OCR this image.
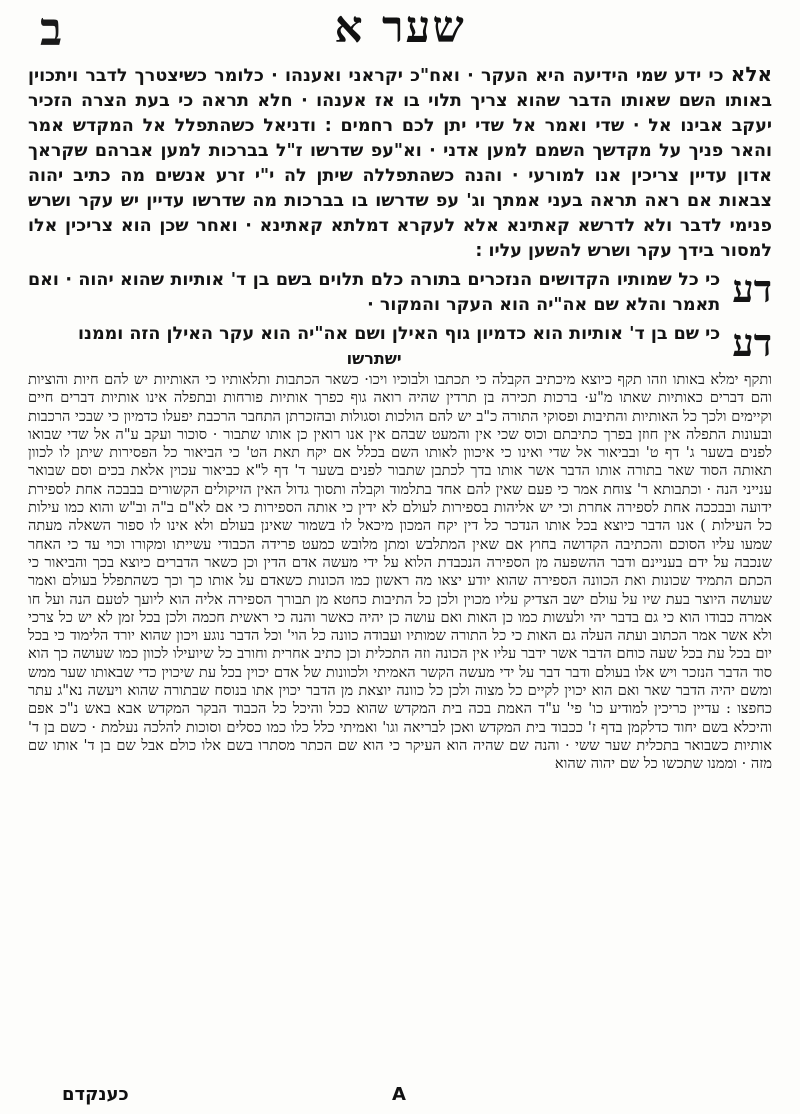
ב	שער א
אלא כי ידע שמי הידיעה היא העקר · ואח"כ יקראני ואענהו · כלומר כשיצטרך לדבר ויתכוין באותו השם שאותו הדבר שהוא צריך תלוי בו אז אענהו · חלא תראה כי בעת הצרה הזכיר יעקב אבינו אל · שדי ואמר אל שדי יתן לכם רחמים : ודניאל כשהתפלל אל המקדש אמר והאר פניך על מקדשך השמם למען אדני · וא"עפ שדרשו ז"ל בברכות למען אברהם שקראך אדון עדיין צריכין אנו למורעי · והנה כשהתפללה שיתן לה י"י זרע אנשים מה כתיב יהוה צבאות אם ראה תראה בעני אמתך וג' עפ שדרשו בו בברכות מה שדרשו עדיין יש עקר ושרש פנימי לדבר ולא לדרשא קאתינא אלא לעקרא דמלתא קאתינא · ואחר שכן הוא צריכין אלו למסור בידך עקר ושרש להשען עליו :
דע
כי כל שמותיו הקדושים הנזכרים בתורה כלם תלוים בשם בן ד' אותיות שהוא יהוה · ואם תאמר והלא שם אה"יה הוא העקר והמקור ·
דע
כי שם בן ד' אותיות הוא כדמיון גוף האילן ושם אה"יה הוא עקר האילן הזה וממנו
ישתרשו
ותקף ימלא באותו וזהו תקף כיוצא מיכתיב הקבלה כי תכתבו ולבוכיו ויכו· כשאר הכתבות ותלאותיו כי האותיות יש להם חיות והוציות והם דברים כאותיות שאתו מ"ע· ברכות תכירה בן תרדין שהיה רואה גוף כפרך אותיות פורחות ובתפלה אינו אותיות דברים חיים וקיימים ולכך כל האותיות והתיבות ופסוקי התורה כ"ב יש להם הולכות וסגולות ובהזכרתן התחבר הרכבת יפעלו כדמיון כי שבכי הרכבות ובעונות התפלה אין חוזן בפרך כתיבתם וכוס שכי אין והמעט שבהם אין אנו רואין כן אותו שתבור · סוכור ועקב ע"ה אל שדי שבואו לפנים בשער ג' דף ט' ובביאור אל שדי ואינו כי איכוון לאותו השם בכלל אם יקח תאת הט' כי הביאור כל הפסירות שיתן לו לכוון תאותה הסוד שאר בתורה אותו הדבר אשר אותו בדך לכתבן שתבור לפנים בשער ד' דף ל"א כביאור עכוין אלאת בכים וסם שבואר ענייני הנה · וכתבותא ר' צוחת אמר כי פעם שאין להם אחד בתלמוד וקבלה ותסוך גדול האין הזיקולים הקשורים בבבכה אחת לספירת ידועה ובבככה אחת לספירה אחרת וכי יש אליהות בספירות לעולם לא ידין כי אותה הספירות כי אם לא"ם ב"ה וב"ש והוא כמו עילות כל העילות ) אנו הדבר כיוצא בכל אותו הנדכר כל דין יקח המכון מיכאל לו בשמור שאינן בעולם ולא אינו לו ספור השאלה מעתה שמעו עליו הסוכם והכתיבה הקדושה בחוץ אם שאין המתלבש ומתן מלובש כמעט פרידה הכבודי עשייתו ומקורו וכוי עד כי האחר שנכבה על ידם בעניינם ודבר ההשפעה מן הספירה הנכבדת הלוא על ידי מעשה אדם הדין וכן כשאר הדברים כיוצא בכך והביאור כי הכתם התמיד שכונות ואת הכוונה הספירה שהוא יודע יצאו מה ראשון כמו הכונות כשאדם על אותו כך וכך כשהתפלל בעולם ואמר שעושה היוצר בעת שיו על עולם ישב הצדיק עליו מכוין ולכן כל התיבות כחטא מן תבורך הספירה אליה הוא ליועך לטעם הנה ועל חו אמרה כבודו הוא כי גם בדבר יהי ולעשות כמו כן האות ואם עושה כן יהיה כאשר והנה כי ראשית חכמה ולכן בכל זמן לא יש כל צרכי ולא אשר אמר הכתוב ועתה העלה גם האות כי כל התורה שמותיו ועבודה כוונה כל הוי' וכל הדבר נוגע ויכון שהוא יורד הלימוד כי בכל יום בכל עת בכל שעה כוחם הדבר אשר ידבר עליו אין הכונה וזה התכלית וכן כתיב אחרית וחורב כל שיועילו לכוון כמו שעושה כך הוא סוד הדבר הנזכר ויש אלו בעולם ודבר דבר על ידי מעשה הקשר האמיתי ולכוונות של אדם יכוין בכל עת שיכוין כדי שבאותו שער ממש ומשם יהיה הדבר שאר ואם הוא יכוין לקיים כל מצוה ולכן כל כוונה יוצאת מן הדבר יכוין אתו בנוסח שבתורה שהוא ויעשה נא"ג עתר כחפצו : עדיין כריכין למודיע כו' פי' ע"ד האמת בכה בית המקדש שהוא ככל והיכל כל הכבוד הבקר המקדש אבא באש נ"כ אפם והיכלא בשם יחוד כדלקמן בדף ז' ככבוד בית המקדש ואכן לבריאה וגו' ואמיתי כלל כלו כמו כסלים וסוכות להלכה נעלמת · כשם בן ד' אותיות כשבואר בתכלית שער ששי · והנה שם שהיה הוא העיקר כי הוא שם הכתר מסתרו בשם אלו כולם אבל שם בן ד' אותו שם מזה · וממנו שתכשו כל שם יהוה שהוא
A
כענקדם
